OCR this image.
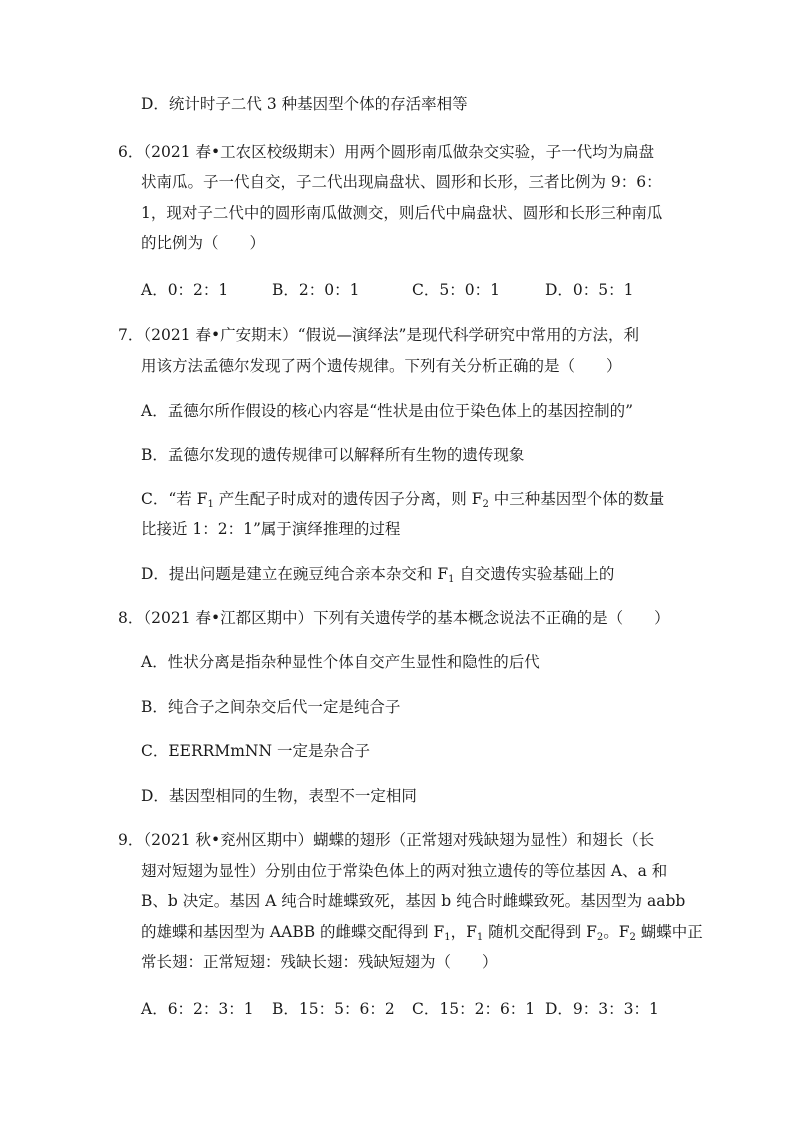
D．统计时子二代 3 种基因型个体的存活率相等
6．（2021 春•工农区校级期末）用两个圆形南瓜做杂交实验，子一代均为扁盘
状南瓜。子一代自交，子二代出现扁盘状、圆形和长形，三者比例为 9：6：
1，现对子二代中的圆形南瓜做测交，则后代中扁盘状、圆形和长形三种南瓜
的比例为（　　）
A．0：2：1	B．2：0：1	C．5：0：1	D．0：5：1
7．（2021 春•广安期末）“假说—演绎法”是现代科学研究中常用的方法，利
用该方法孟德尔发现了两个遗传规律。下列有关分析正确的是（　　）
A．孟德尔所作假设的核心内容是“性状是由位于染色体上的基因控制的”
B．孟德尔发现的遗传规律可以解释所有生物的遗传现象
C．“若 $F_1$ 产生配子时成对的遗传因子分离，则 $F_2$ 中三种基因型个体的数量
比接近 1：2：1”属于演绎推理的过程
D．提出问题是建立在豌豆纯合亲本杂交和 $F_1$ 自交遗传实验基础上的
8．（2021 春•江都区期中）下列有关遗传学的基本概念说法不正确的是（　　）
A．性状分离是指杂种显性个体自交产生显性和隐性的后代
B．纯合子之间杂交后代一定是纯合子
C．EERRMmNN 一定是杂合子
D．基因型相同的生物，表型不一定相同
9．（2021 秋•兖州区期中）蝴蝶的翅形（正常翅对残缺翅为显性）和翅长（长
翅对短翅为显性）分别由位于常染色体上的两对独立遗传的等位基因 A、a 和
B、b 决定。基因 A 纯合时雄蝶致死，基因 b 纯合时雌蝶致死。基因型为 aabb
的雄蝶和基因型为 AABB 的雌蝶交配得到 $F_1$，$F_1$ 随机交配得到 $F_2$。$F_2$ 蝴蝶中正
常长翅：正常短翅：残缺长翅：残缺短翅为（　　）
A．6：2：3：1 B．15：5：6：2 C．15：2：6：1 D．9：3：3：1
